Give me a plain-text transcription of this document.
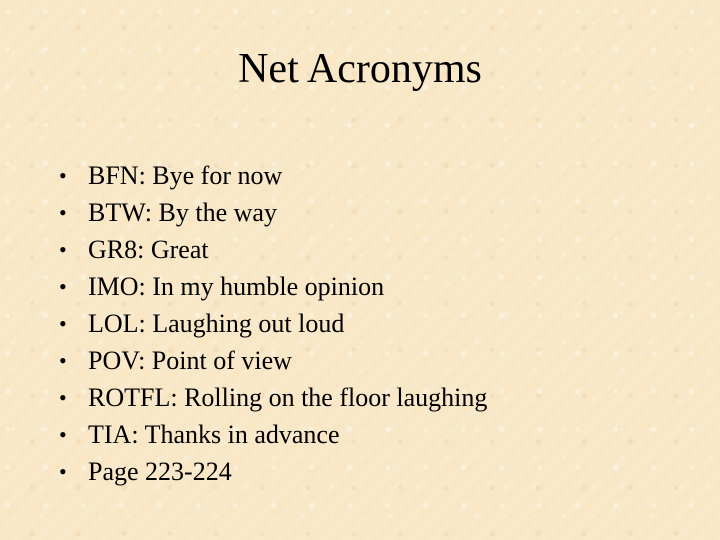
Net Acronyms
• BFN: Bye for now
• BTW: By the way
• GR8: Great
• IMO: In my humble opinion
• LOL: Laughing out loud
• POV: Point of view
• ROTFL: Rolling on the floor laughing
• TIA: Thanks in advance
• Page 223-224
